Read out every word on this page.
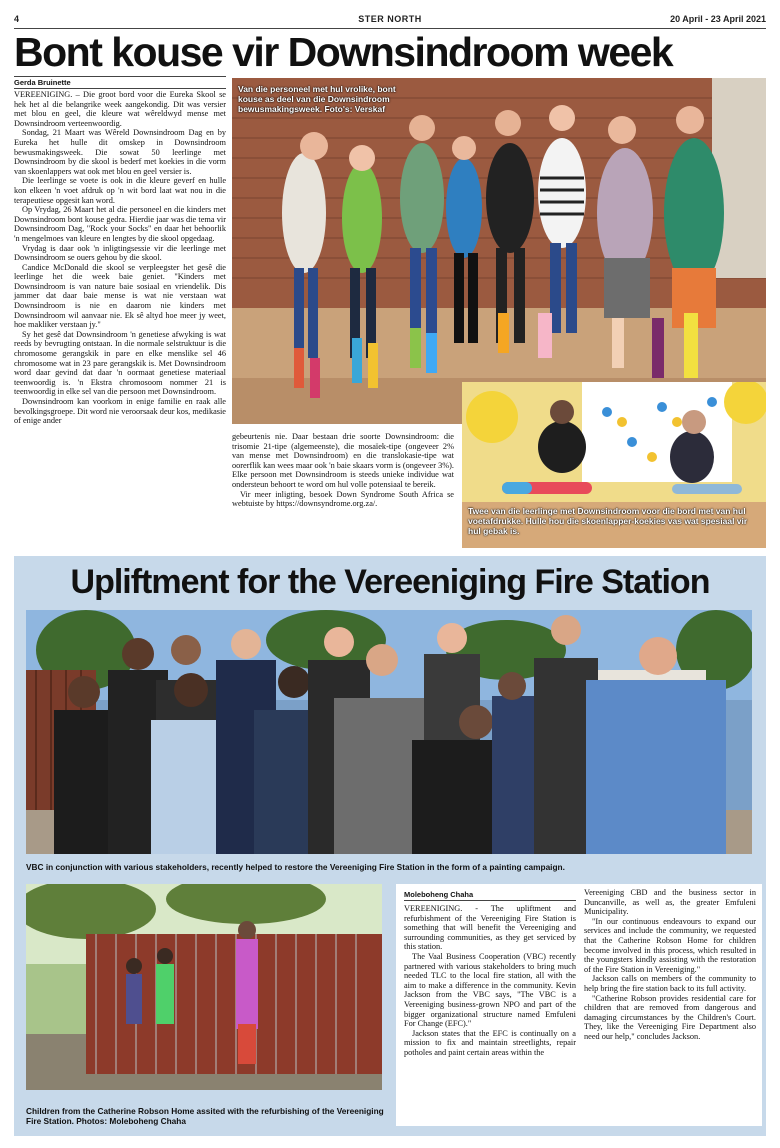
4	STER NORTH	20 April - 23 April 2021
Bont kouse vir Downsindroom week
Gerda Bruinette

VEREENIGING. – Die groot bord voor die Eureka Skool se hek het al die belangrike week aangekondig. Dit was versier met blou en geel, die kleure wat wêreldwyd mense met Downsindroom verteenwoordig.

Sondag, 21 Maart was Wêreld Downsindroom Dag en by Eureka het hulle dit omskep in Downsindroom bewusmakingsweek. Die sowat 50 leerlinge met Downsindroom by die skool is bederf met koekies in die vorm van skoenlappers wat ook met blou en geel versier is.

Die leerlinge se voete is ook in die kleure geverf en hulle kon elkeen 'n voet afdruk op 'n wit bord laat wat nou in die terapeutiese opgesit kan word.

Op Vrydag, 26 Maart het al die personeel en die kinders met Downsindroom bont kouse gedra. Hierdie jaar was die tema vir Downsindroom Dag, "Rock your Socks" en daar het behoorlik 'n mengelmoes van kleure en lengtes by die skool opgedaag.

Vrydag is daar ook 'n inligtingsessie vir die leerlinge met Downsindroom se ouers gehou by die skool.

Candice McDonald die skool se verpleegster het gesê die leerlinge het die week baie geniet. "Kinders met Downsindroom is van nature baie sosiaal en vriendelik. Dis jammer dat daar baie mense is wat nie verstaan wat Downsindroom is nie en daarom nie kinders met Downsindroom wil aanvaar nie. Ek sê altyd hoe meer jy weet, hoe makliker verstaan jy."

Sy het gesê dat Downsindroom 'n genetiese afwyking is wat reeds by bevrugting ontstaan. In die normale selstruktuur is die chromosome gerangskik in pare en elke menslike sel 46 chromosome wat in 23 pare gerangskik is. Met Downsindroom word daar gevind dat daar 'n oormaat genetiese materiaal teenwoordig is. 'n Ekstra chromosoom nommer 21 is teenwoordig in elke sel van die persoon met Downsindroom.

Downsindroom kan voorkom in enige familie en raak alle bevolkingsgroepe. Dit word nie veroorsaak deur kos, medikasie of enige ander

gebeurtenis nie. Daar bestaan drie soorte Downsindroom: die trisomie 21-tipe (algemeenste), die mosaïek-tipe (ongeveer 2% van mense met Downsindroom) en die translokasie-tipe wat oorerflik kan wees maar ook 'n baie skaars vorm is (ongeveer 3%). Elke persoon met Downsindroom is steeds unieke individue wat ondersteun behoort te word om hul volle potensiaal te bereik.

Vir meer inligting, besoek Down Syndrome South Africa se webtuiste by https://downsyndrome.org.za/.

Van die personeel met hul vrolike, bont kouse as deel van die Downsindroom bewusmakingsweek. Foto's: Verskaf
Twee van die leerlinge met Downsindroom voor die bord met van hul voetafdrukke. Hulle hou die skoenlapper-koekies vas wat spesiaal vir hul gebak is.
Upliftment for the Vereeniging Fire Station
VBC in conjunction with various stakeholders, recently helped to restore the Vereeniging Fire Station in the form of a painting campaign.
Children from the Catherine Robson Home assited with the refurbishing of the Vereeniging Fire Station. Photos: Moleboheng Chaha
Moleboheng Chaha

VEREENIGING. - The upliftment and refurbishment of the Vereeniging Fire Station is something that will benefit the Vereeniging and surrounding communities, as they get serviced by this station.

The Vaal Business Cooperation (VBC) recently partnered with various stakeholders to bring much needed TLC to the local fire station, all with the aim to make a difference in the community. Kevin Jackson from the VBC says, "The VBC is a Vereeniging business-grown NPO and part of the bigger organizational structure named Emfuleni For Change (EFC)."

Jackson states that the EFC is continually on a mission to fix and maintain streetlights, repair potholes and paint certain areas within the

Vereeniging CBD and the business sector in Duncanville, as well as, the greater Emfuleni Municipality.

"In our continuous endeavours to expand our services and include the community, we requested that the Catherine Robson Home for children become involved in this process, which resulted in the youngsters kindly assisting with the restoration of the Fire Station in Vereeniging."

Jackson calls on members of the community to help bring the fire station back to its full activity.

"Catherine Robson provides residential care for children that are removed from dangerous and damaging circumstances by the Children's Court. They, like the Vereeniging Fire Department also need our help," concludes Jackson.
